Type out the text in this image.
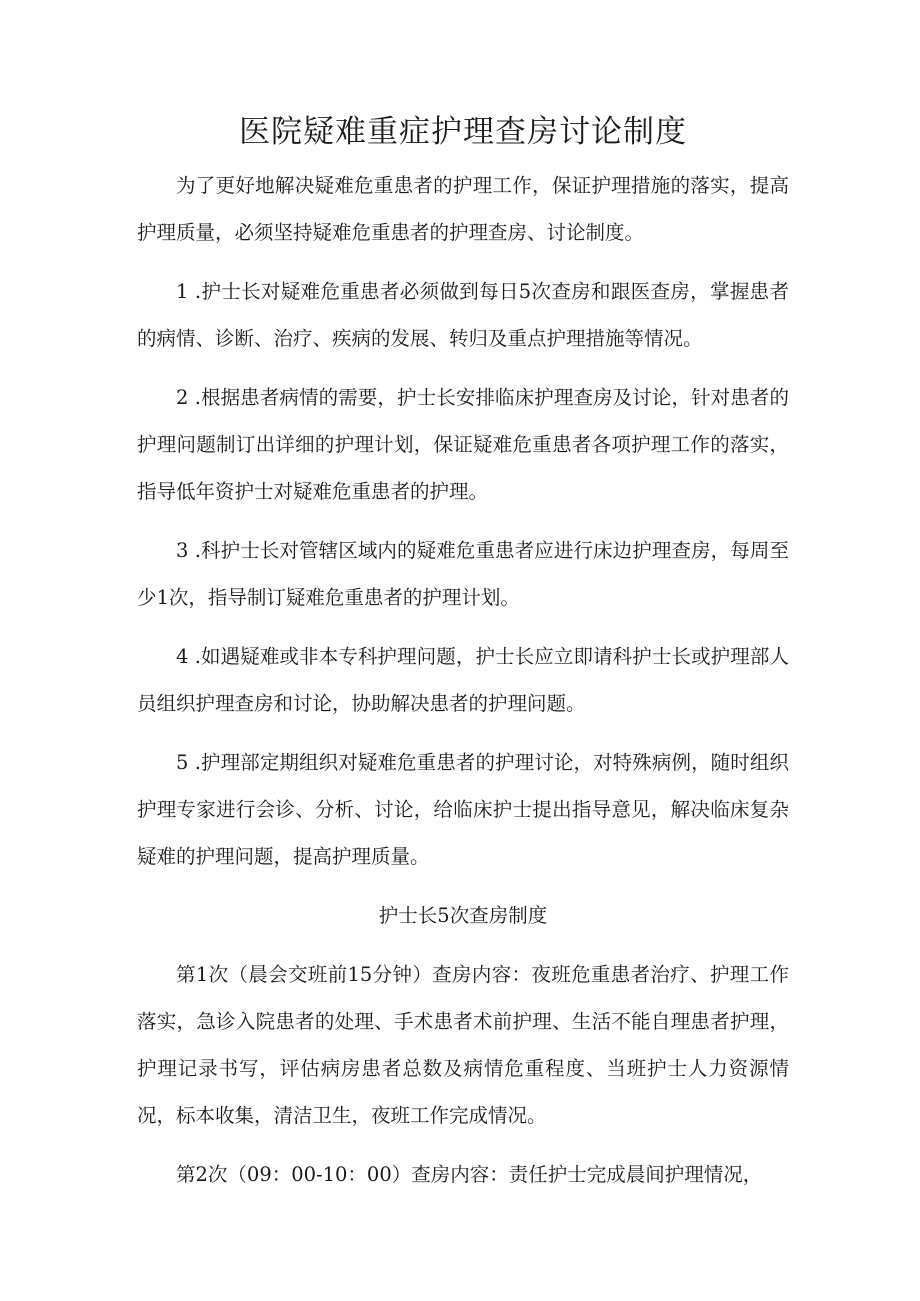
医院疑难重症护理查房讨论制度

为了更好地解决疑难危重患者的护理工作，保证护理措施的落实，提高护理质量，必须坚持疑难危重患者的护理查房、讨论制度。

1 .护士长对疑难危重患者必须做到每日5次查房和跟医查房，掌握患者的病情、诊断、治疗、疾病的发展、转归及重点护理措施等情况。

2 .根据患者病情的需要，护士长安排临床护理查房及讨论，针对患者的护理问题制订出详细的护理计划，保证疑难危重患者各项护理工作的落实，指导低年资护士对疑难危重患者的护理。

3 .科护士长对管辖区域内的疑难危重患者应进行床边护理查房，每周至少1次，指导制订疑难危重患者的护理计划。

4 .如遇疑难或非本专科护理问题，护士长应立即请科护士长或护理部人员组织护理查房和讨论，协助解决患者的护理问题。

5 .护理部定期组织对疑难危重患者的护理讨论，对特殊病例，随时组织护理专家进行会诊、分析、讨论，给临床护士提出指导意见，解决临床复杂疑难的护理问题，提高护理质量。

护士长5次查房制度

第1次（晨会交班前15分钟）查房内容：夜班危重患者治疗、护理工作落实，急诊入院患者的处理、手术患者术前护理、生活不能自理患者护理，护理记录书写，评估病房患者总数及病情危重程度、当班护士人力资源情况，标本收集，清洁卫生，夜班工作完成情况。

第2次（09：00-10：00）查房内容：责任护士完成晨间护理情况，
